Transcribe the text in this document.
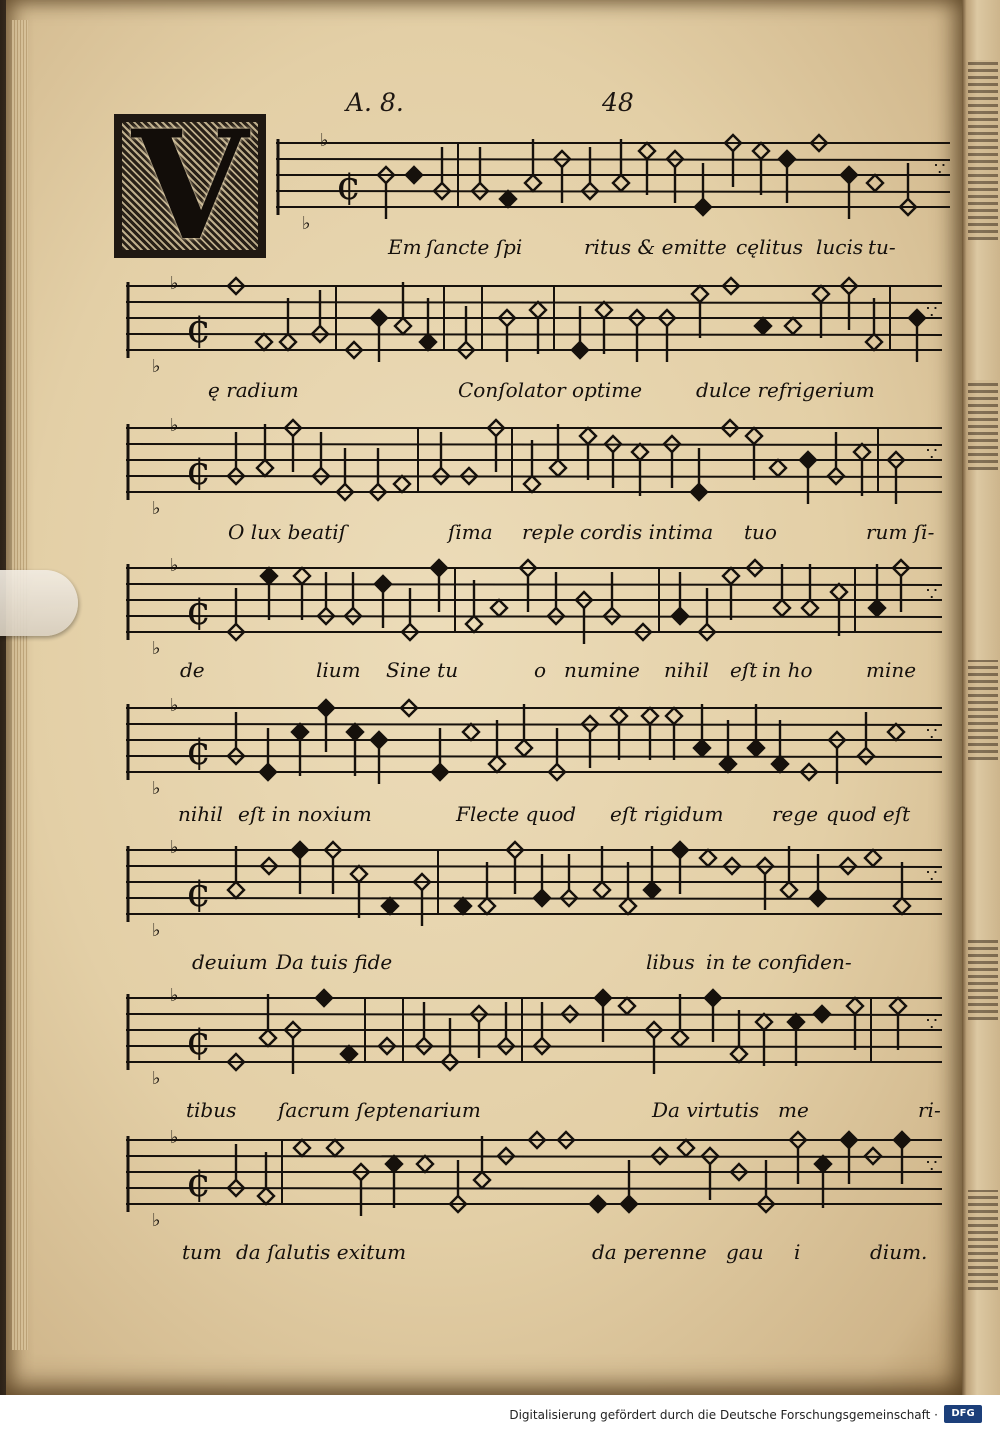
A. 8.	48
V	♭
♭
¢	∵
Em ſancte ſpi	ritus & emitte cęlitus lucis tu-
♭
♭
¢	∵
ę radium	Conſolator optime	dulce refrigerium
♭
♭
¢	∵
O lux beatiſ	ſima reple cordis intima tuo	rum ſi-
♭
♭
¢	∵
de	lium Sine tu	o numine nihil eſt in ho	mine
♭
♭
¢	∵
nihil eſt in noxium	Flecte quod eſt rigidum rege quod eſt
♭
♭
¢	∵
deuium Da tuis fide	libus in te confiden-
♭
♭
¢	∵
tibus ſacrum ſeptenarium	Da virtutis me	ri-
♭
♭
¢	∵
tum da ſalutis exitum	da perenne gau i	dium.
Digitalisierung gefördert durch die Deutsche Forschungsgemeinschaft ·	DFG
